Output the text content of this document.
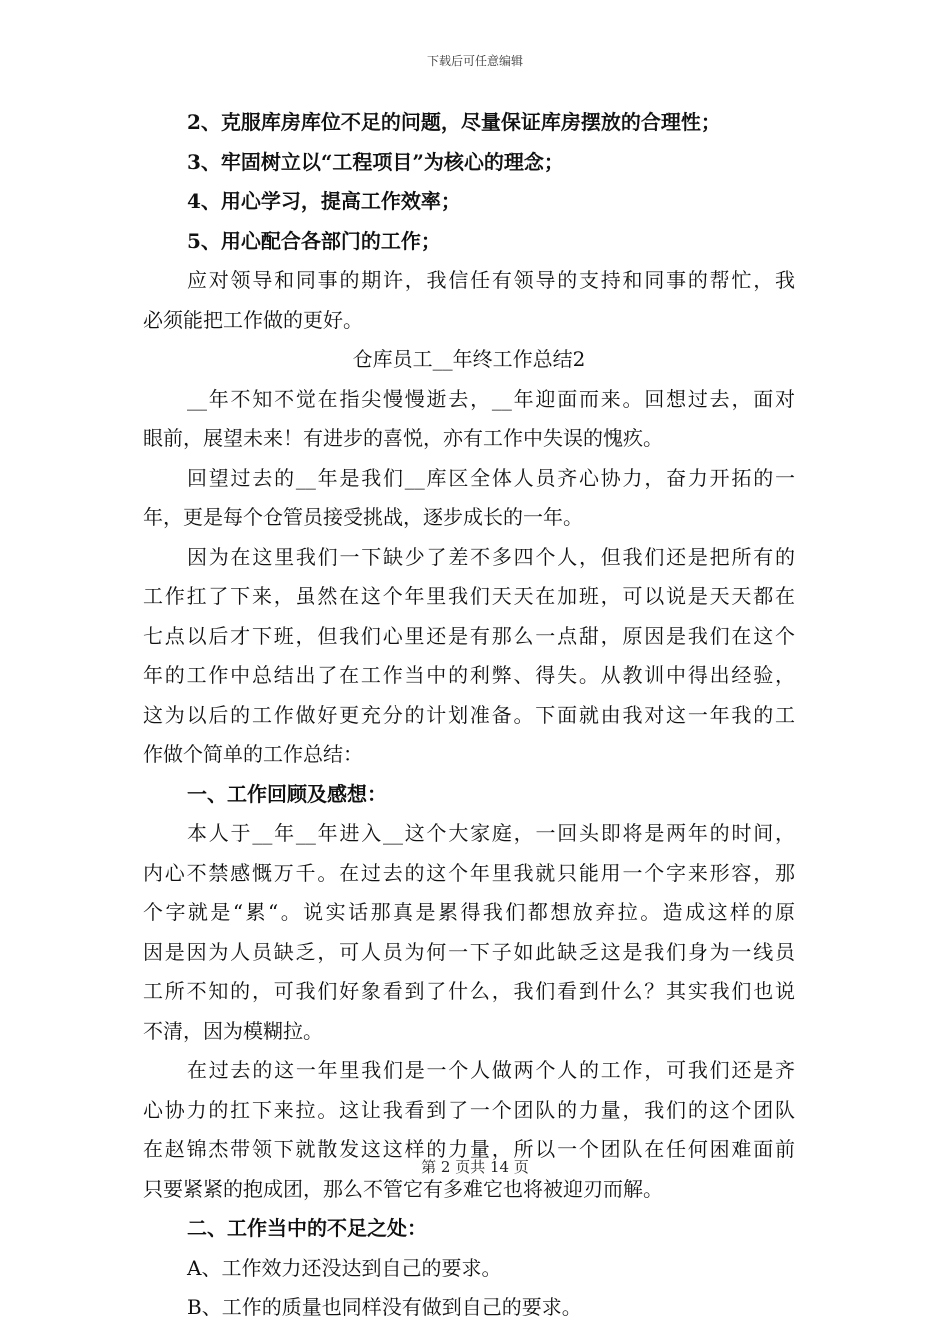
下载后可任意编辑
2、克服库房库位不足的问题，尽量保证库房摆放的合理性；
3、牢固树立以“工程项目”为核心的理念；
4、用心学习，提高工作效率；
5、用心配合各部门的工作；
应对领导和同事的期许，我信任有领导的支持和同事的帮忙，我
必须能把工作做的更好。
仓库员工__年终工作总结2
__年不知不觉在指尖慢慢逝去，__年迎面而来。回想过去，面对
眼前，展望未来！有进步的喜悦，亦有工作中失误的愧疚。
回望过去的__年是我们__库区全体人员齐心协力，奋力开拓的一
年，更是每个仓管员接受挑战，逐步成长的一年。
因为在这里我们一下缺少了差不多四个人，但我们还是把所有的
工作扛了下来，虽然在这个年里我们天天在加班，可以说是天天都在
七点以后才下班，但我们心里还是有那么一点甜，原因是我们在这个
年的工作中总结出了在工作当中的利弊、得失。从教训中得出经验，
这为以后的工作做好更充分的计划准备。下面就由我对这一年我的工
作做个简单的工作总结：
一、工作回顾及感想：
本人于__年__年进入__这个大家庭，一回头即将是两年的时间，
内心不禁感慨万千。在过去的这个年里我就只能用一个字来形容，那
个字就是“累“。说实话那真是累得我们都想放弃拉。造成这样的原
因是因为人员缺乏，可人员为何一下子如此缺乏这是我们身为一线员
工所不知的，可我们好象看到了什么，我们看到什么？其实我们也说
不清，因为模糊拉。
在过去的这一年里我们是一个人做两个人的工作，可我们还是齐
心协力的扛下来拉。这让我看到了一个团队的力量，我们的这个团队
在赵锦杰带领下就散发这这样的力量，所以一个团队在任何困难面前
只要紧紧的抱成团，那么不管它有多难它也将被迎刃而解。
二、工作当中的不足之处：
A、工作效力还没达到自己的要求。
B、工作的质量也同样没有做到自己的要求。
第 2 页共 14 页
